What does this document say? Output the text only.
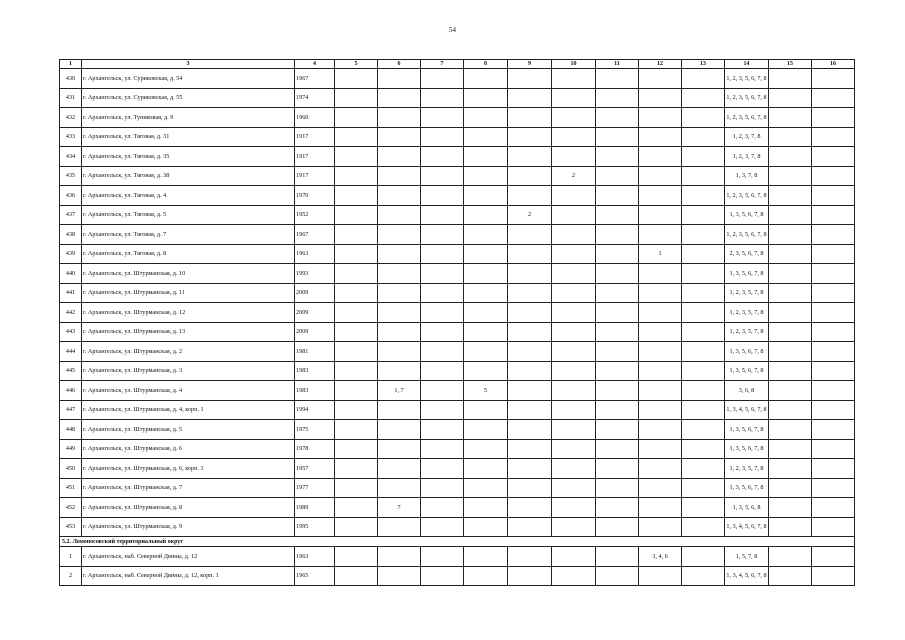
54
1	3	4	5	6	7	8	9	10	11	12	13	14	15	16
430	г. Архангельск, ул. Суриковская, д. 54	1967										1, 2, 3, 5, 6, 7, 8		
431	г. Архангельск, ул. Суриковская, д. 55	1974										1, 2, 3, 5, 6, 7, 8		
432	г. Архангельск, ул. Тупиковая, д. 9	1960										1, 2, 3, 5, 6, 7, 8		
433	г. Архангельск, ул. Тяговая, д. 31	1917										1, 2, 3, 7, 8		
434	г. Архангельск, ул. Тяговая, д. 35	1917										1, 2, 3, 7, 8		
435	г. Архангельск, ул. Тяговая, д. 38	1917						2				1, 3, 7, 8		
436	г. Архангельск, ул. Тяговая, д. 4	1970										1, 2, 3, 5, 6, 7, 8		
437	г. Архангельск, ул. Тяговая, д. 5	1952					2					1, 3, 5, 6, 7, 8		
438	г. Архангельск, ул. Тяговая, д. 7	1967										1, 2, 3, 5, 6, 7, 8		
439	г. Архангельск, ул. Тяговая, д. 8	1963								1		2, 3, 5, 6, 7, 8		
440	г. Архангельск, ул. Штурманская, д. 10	1993										1, 3, 5, 6, 7, 8		
441	г. Архангельск, ул. Штурманская, д. 11	2009										1, 2, 3, 5, 7, 8		
442	г. Архангельск, ул. Штурманская, д. 12	2009										1, 2, 3, 5, 7, 8		
443	г. Архангельск, ул. Штурманская, д. 13	2009										1, 2, 3, 5, 7, 8		
444	г. Архангельск, ул. Штурманская, д. 2	1981										1, 3, 5, 6, 7, 8		
445	г. Архангельск, ул. Штурманская, д. 3	1983										1, 3, 5, 6, 7, 8		
446	г. Архангельск, ул. Штурманская, д. 4	1983		1, 7		5						3, 6, 8		
447	г. Архангельск, ул. Штурманская, д. 4, корп. 1	1994										1, 3, 4, 5, 6, 7, 8		
448	г. Архангельск, ул. Штурманская, д. 5	1975										1, 3, 5, 6, 7, 8		
449	г. Архангельск, ул. Штурманская, д. 6	1978										1, 3, 5, 6, 7, 8		
450	г. Архангельск, ул. Штурманская, д. 6, корп. 1	1957										1, 2, 3, 5, 7, 8		
451	г. Архангельск, ул. Штурманская, д. 7	1977										1, 3, 5, 6, 7, 8		
452	г. Архангельск, ул. Штурманская, д. 8	1989		7								1, 3, 5, 6, 8		
453	г. Архангельск, ул. Штурманская, д. 9	1995										1, 3, 4, 5, 6, 7, 8		
5.2. Ломоносовский территориальный округ														
1	г. Архангельск, наб. Северной Двины, д. 12	1963								3, 4, 6		1, 5, 7, 8		
2	г. Архангельск, наб. Северной Двины, д. 12, корп. 1	1965										1, 3, 4, 5, 6, 7, 8		
